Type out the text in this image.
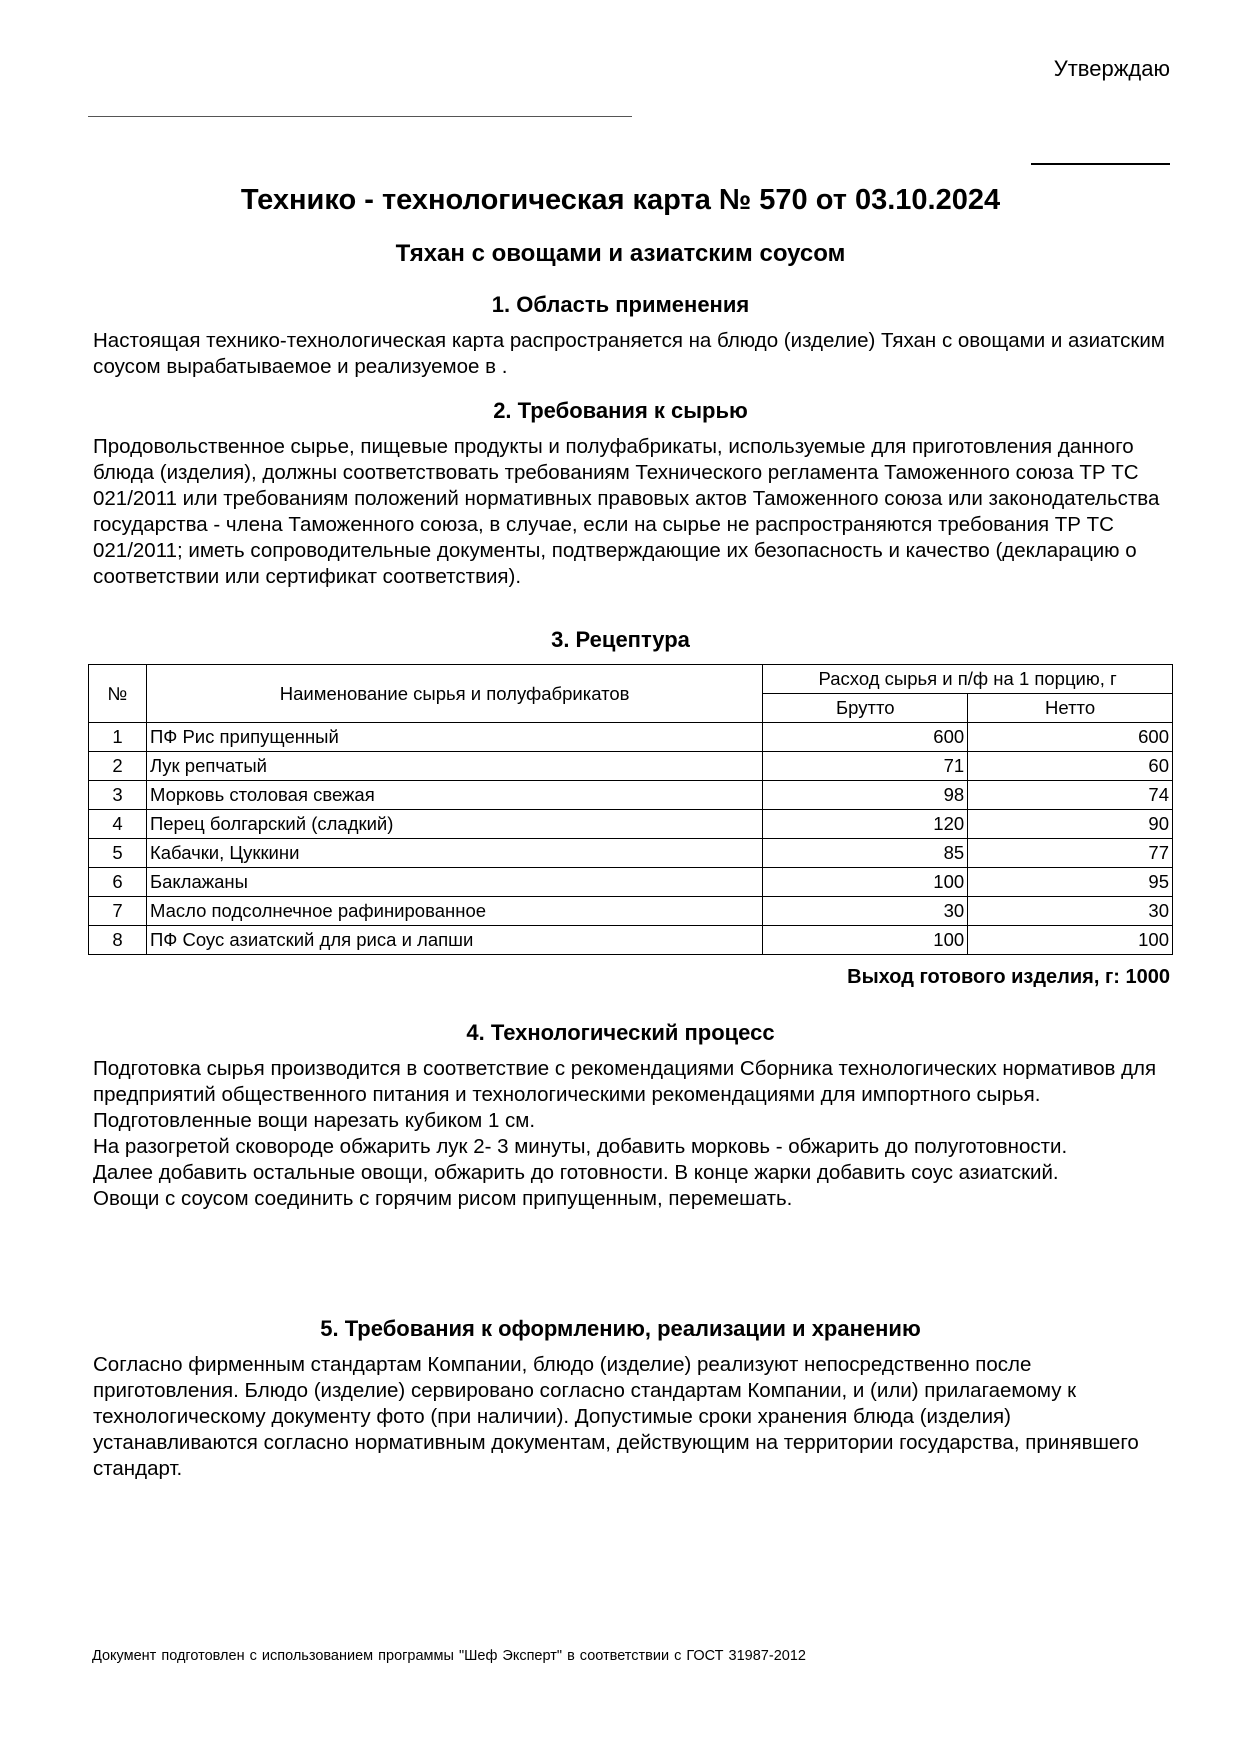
Утверждаю
Технико - технологическая карта № 570 от 03.10.2024
Тяхан с овощами и азиатским соусом
1. Область применения

Настоящая технико-технологическая карта распространяется на блюдо (изделие) Тяхан с овощами и азиатским соусом вырабатываемое и реализуемое в .

2. Требования к сырью

Продовольственное сырье, пищевые продукты и полуфабрикаты, используемые для приготовления данного блюда (изделия), должны соответствовать требованиям Технического регламента Таможенного союза ТР ТС 021/2011 или требованиям положений нормативных правовых актов Таможенного союза или законодательства государства - члена Таможенного союза, в случае, если на сырье не распространяются требования ТР ТС 021/2011; иметь сопроводительные документы, подтверждающие их безопасность и качество (декларацию о соответствии или сертификат соответствия).

3. Рецептура
№	Наименование сырья и полуфабрикатов	Расход сырья и п/ф на 1 порцию, г	
		Брутто	Нетто
1	ПФ Рис припущенный	600	600
2	Лук репчатый	71	60
3	Морковь столовая свежая	98	74
4	Перец болгарский (сладкий)	120	90
5	Кабачки, Цуккини	85	77
6	Баклажаны	100	95
7	Масло подсолнечное рафинированное	30	30
8	ПФ Соус азиатский для риса и лапши	100	100
Выход готового изделия, г: 1000
4. Технологический процесс

Подготовка сырья производится в соответствие с рекомендациями Сборника технологических нормативов для предприятий общественного питания и технологическими рекомендациями для импортного сырья.

Подготовленные вощи нарезать кубиком 1 см.

На разогретой сковороде обжарить лук 2- 3 минуты, добавить морковь - обжарить до полуготовности.

Далее добавить остальные овощи, обжарить до готовности. В конце жарки добавить соус азиатский.

Овощи с соусом соединить с горячим рисом припущенным, перемешать.

5. Требования к оформлению, реализации и хранению

Согласно фирменным стандартам Компании, блюдо (изделие) реализуют непосредственно после приготовления. Блюдо (изделие) сервировано согласно стандартам Компании, и (или) прилагаемому к технологическому документу фото (при наличии). Допустимые сроки хранения блюда (изделия) устанавливаются согласно нормативным документам, действующим на территории государства, принявшего стандарт.

Документ подготовлен с использованием программы "Шеф Эксперт" в соответствии с ГОСТ 31987-2012
